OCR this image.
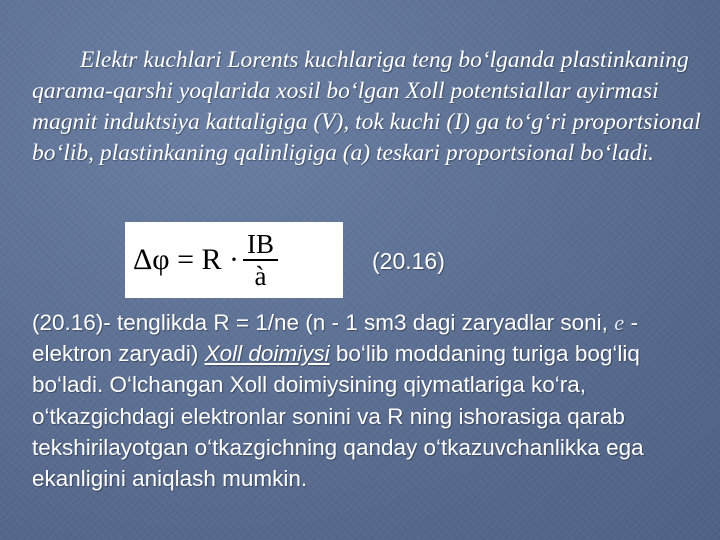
Elektr kuchlari Lorents kuchlariga teng bo‘lganda plastinkaning qarama-qarshi yoqlarida xosil bo‘lgan Xoll potentsiallar ayirmasi magnit induktsiya kattaligiga (V), tok kuchi (I) ga to‘g‘ri proportsional bo‘lib, plastinkaning qalinligiga (a) teskari proportsional bo‘ladi.

$\Delta\varphi = R \cdot \frac{IB}{à}$	(20.16)

(20.16)- tenglikda R = 1/ne (n - 1 sm3 dagi zaryadlar soni, e - elektron zaryadi) Xoll doimiysi bo‘lib moddaning turiga bog‘liq bo‘ladi. O‘lchangan Xoll doimiysining qiymatlariga ko‘ra, o‘tkazgichdagi elektronlar sonini va R ning ishorasiga qarab tekshirilayotgan o‘tkazgichning qanday o‘tkazuvchanlikka ega ekanligini aniqlash mumkin.
